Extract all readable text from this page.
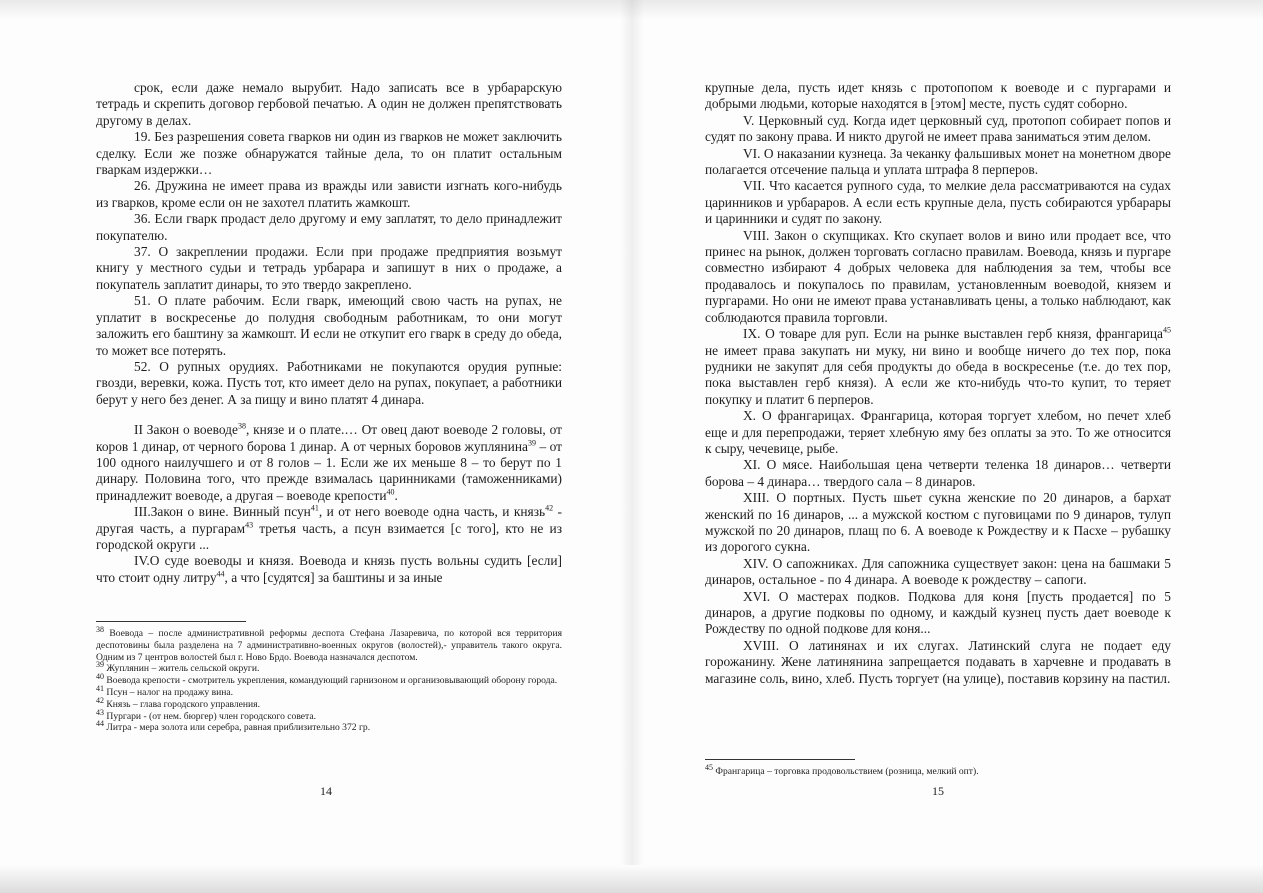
срок, если даже немало вырубит. Надо записать все в урбарарскую тетрадь и скрепить договор гербовой печатью. А один не должен препятствовать другому в делах.

19. Без разрешения совета гварков ни один из гварков не может заключить сделку. Если же позже обнаружатся тайные дела, то он платит остальным гваркам издержки…

26. Дружина не имеет права из вражды или зависти изгнать кого-нибудь из гварков, кроме если он не захотел платить жамкошт.

36. Если гварк продаст дело другому и ему заплатят, то дело принадлежит покупателю.

37. О закреплении продажи. Если при продаже предприятия возьмут книгу у местного судьи и тетрадь урбарара и запишут в них о продаже, а покупатель заплатит динары, то это твердо закреплено.

51. О плате рабочим. Если гварк, имеющий свою часть на рупах, не уплатит в воскресенье до полудня свободным работникам, то они могут заложить его баштину за жамкошт. И если не откупит его гварк в среду до обеда, то может все потерять.

52. О рупных орудиях. Работниками не покупаются орудия рупные: гвозди, веревки, кожа. Пусть тот, кто имеет дело на рупах, покупает, а работники берут у него без денег. А за пищу и вино платят 4 динара.

II Закон о воеводе$^{38}$, князе и о плате.… От овец дают воеводе 2 головы, от коров 1 динар, от черного борова 1 динар. А от черных боровов жуплянина$^{39}$ – от 100 одного наилучшего и от 8 голов – 1. Если же их меньше 8 – то берут по 1 динару. Половина того, что прежде взималась царинниками (таможенниками) принадлежит воеводе, а другая – воеводе крепости$^{40}$.

III.Закон о вине. Винный псун$^{41}$, и от него воеводе одна часть, и князь$^{42}$ - другая часть, а пургарам$^{43}$ третья часть, а псун взимается [с того], кто не из городской округи ...

IV.О суде воеводы и князя. Воевода и князь пусть вольны судить [если] что стоит одну литру$^{44}$, а что [судятся] за баштины и за иные

$^{38}$ Воевода – после административной реформы деспота Стефана Лазаревича, по которой вся территория деспотовины была разделена на 7 административно-военных округов (волостей),- управитель такого округа. Одним из 7 центров волостей был г. Новo Брдо. Воевода назначался деспотом.

$^{39}$ Жуплянин – житель сельской округи.

$^{40}$ Воевода крепости - смотритель укрепления, командующий гарнизоном и организовывающий оборону города.

$^{41}$ Псун – налог на продажу вина.

$^{42}$ Князь – глава городского управления.

$^{43}$ Пургари - (от нем. бюргер) член городского совета.

$^{44}$ Литра - мера золота или серебра, равная приблизительно 372 гр.

14

крупные дела, пусть идет князь с протопопом к воеводе и с пургарами и добрыми людьми, которые находятся в [этом] месте, пусть судят соборно.

V. Церковный суд. Когда идет церковный суд, протопоп собирает попов и судят по закону права. И никто другой не имеет права заниматься этим делом.

VI. О наказании кузнеца. За чеканку фальшивых монет на монетном дворе полагается отсечение пальца и уплата штрафа 8 перперов.

VII. Что касается рупного суда, то мелкие дела рассматриваются на судах царинников и урбараров. А если есть крупные дела, пусть собираются урбарары и царинники и судят по закону.

VIII. Закон о скупщиках. Кто скупает волов и вино или продает все, что принес на рынок, должен торговать согласно правилам. Воевода, князь и пургаре совместно избирают 4 добрых человека для наблюдения за тем, чтобы все продавалось и покупалось по правилам, установленным воеводой, князем и пургарами. Но они не имеют права устанавливать цены, а только наблюдают, как соблюдаются правила торговли.

IX. О товаре для руп. Если на рынке выставлен герб князя, франгарица$^{45}$ не имеет права закупать ни муку, ни вино и вообще ничего до тех пор, пока рудники не закупят для себя продукты до обеда в воскресенье (т.е. до тех пор, пока выставлен герб князя). А если же кто-нибудь что-то купит, то теряет покупку и платит 6 перперов.

X. О франгарицах. Франгарица, которая торгует хлебом, но печет хлеб еще и для перепродажи, теряет хлебную яму без оплаты за это. То же относится к сыру, чечевице, рыбе.

XI. О мясе. Наибольшая цена четверти теленка 18 динаров… четверти борова – 4 динара… твердого сала – 8 динаров.

XIII. О портных. Пусть шьет сукна женские по 20 динаров, а бархат женский по 16 динаров, ... а мужской костюм с пуговицами по 9 динаров, тулуп мужской по 20 динаров, плащ по 6. А воеводе к Рождеству и к Пасхе – рубашку из дорогого сукна.

XIV. О сапожниках. Для сапожника существует закон: цена на башмаки 5 динаров, остальное - по 4 динара. А воеводе к рождеству – сапоги.

XVI. О мастерах подков. Подкова для коня [пусть продается] по 5 динаров, а другие подковы по одному, и каждый кузнец пусть дает воеводе к Рождеству по одной подкове для коня...

XVIII. О латинянах и их слугах. Латинский слуга не подает еду горожанину. Жене латинянина запрещается подавать в харчевне и продавать в магазине соль, вино, хлеб. Пусть торгует (на улице), поставив корзину на пастил.

$^{45}$ Франгарица – торговка продовольствием (розница, мелкий опт).

15
